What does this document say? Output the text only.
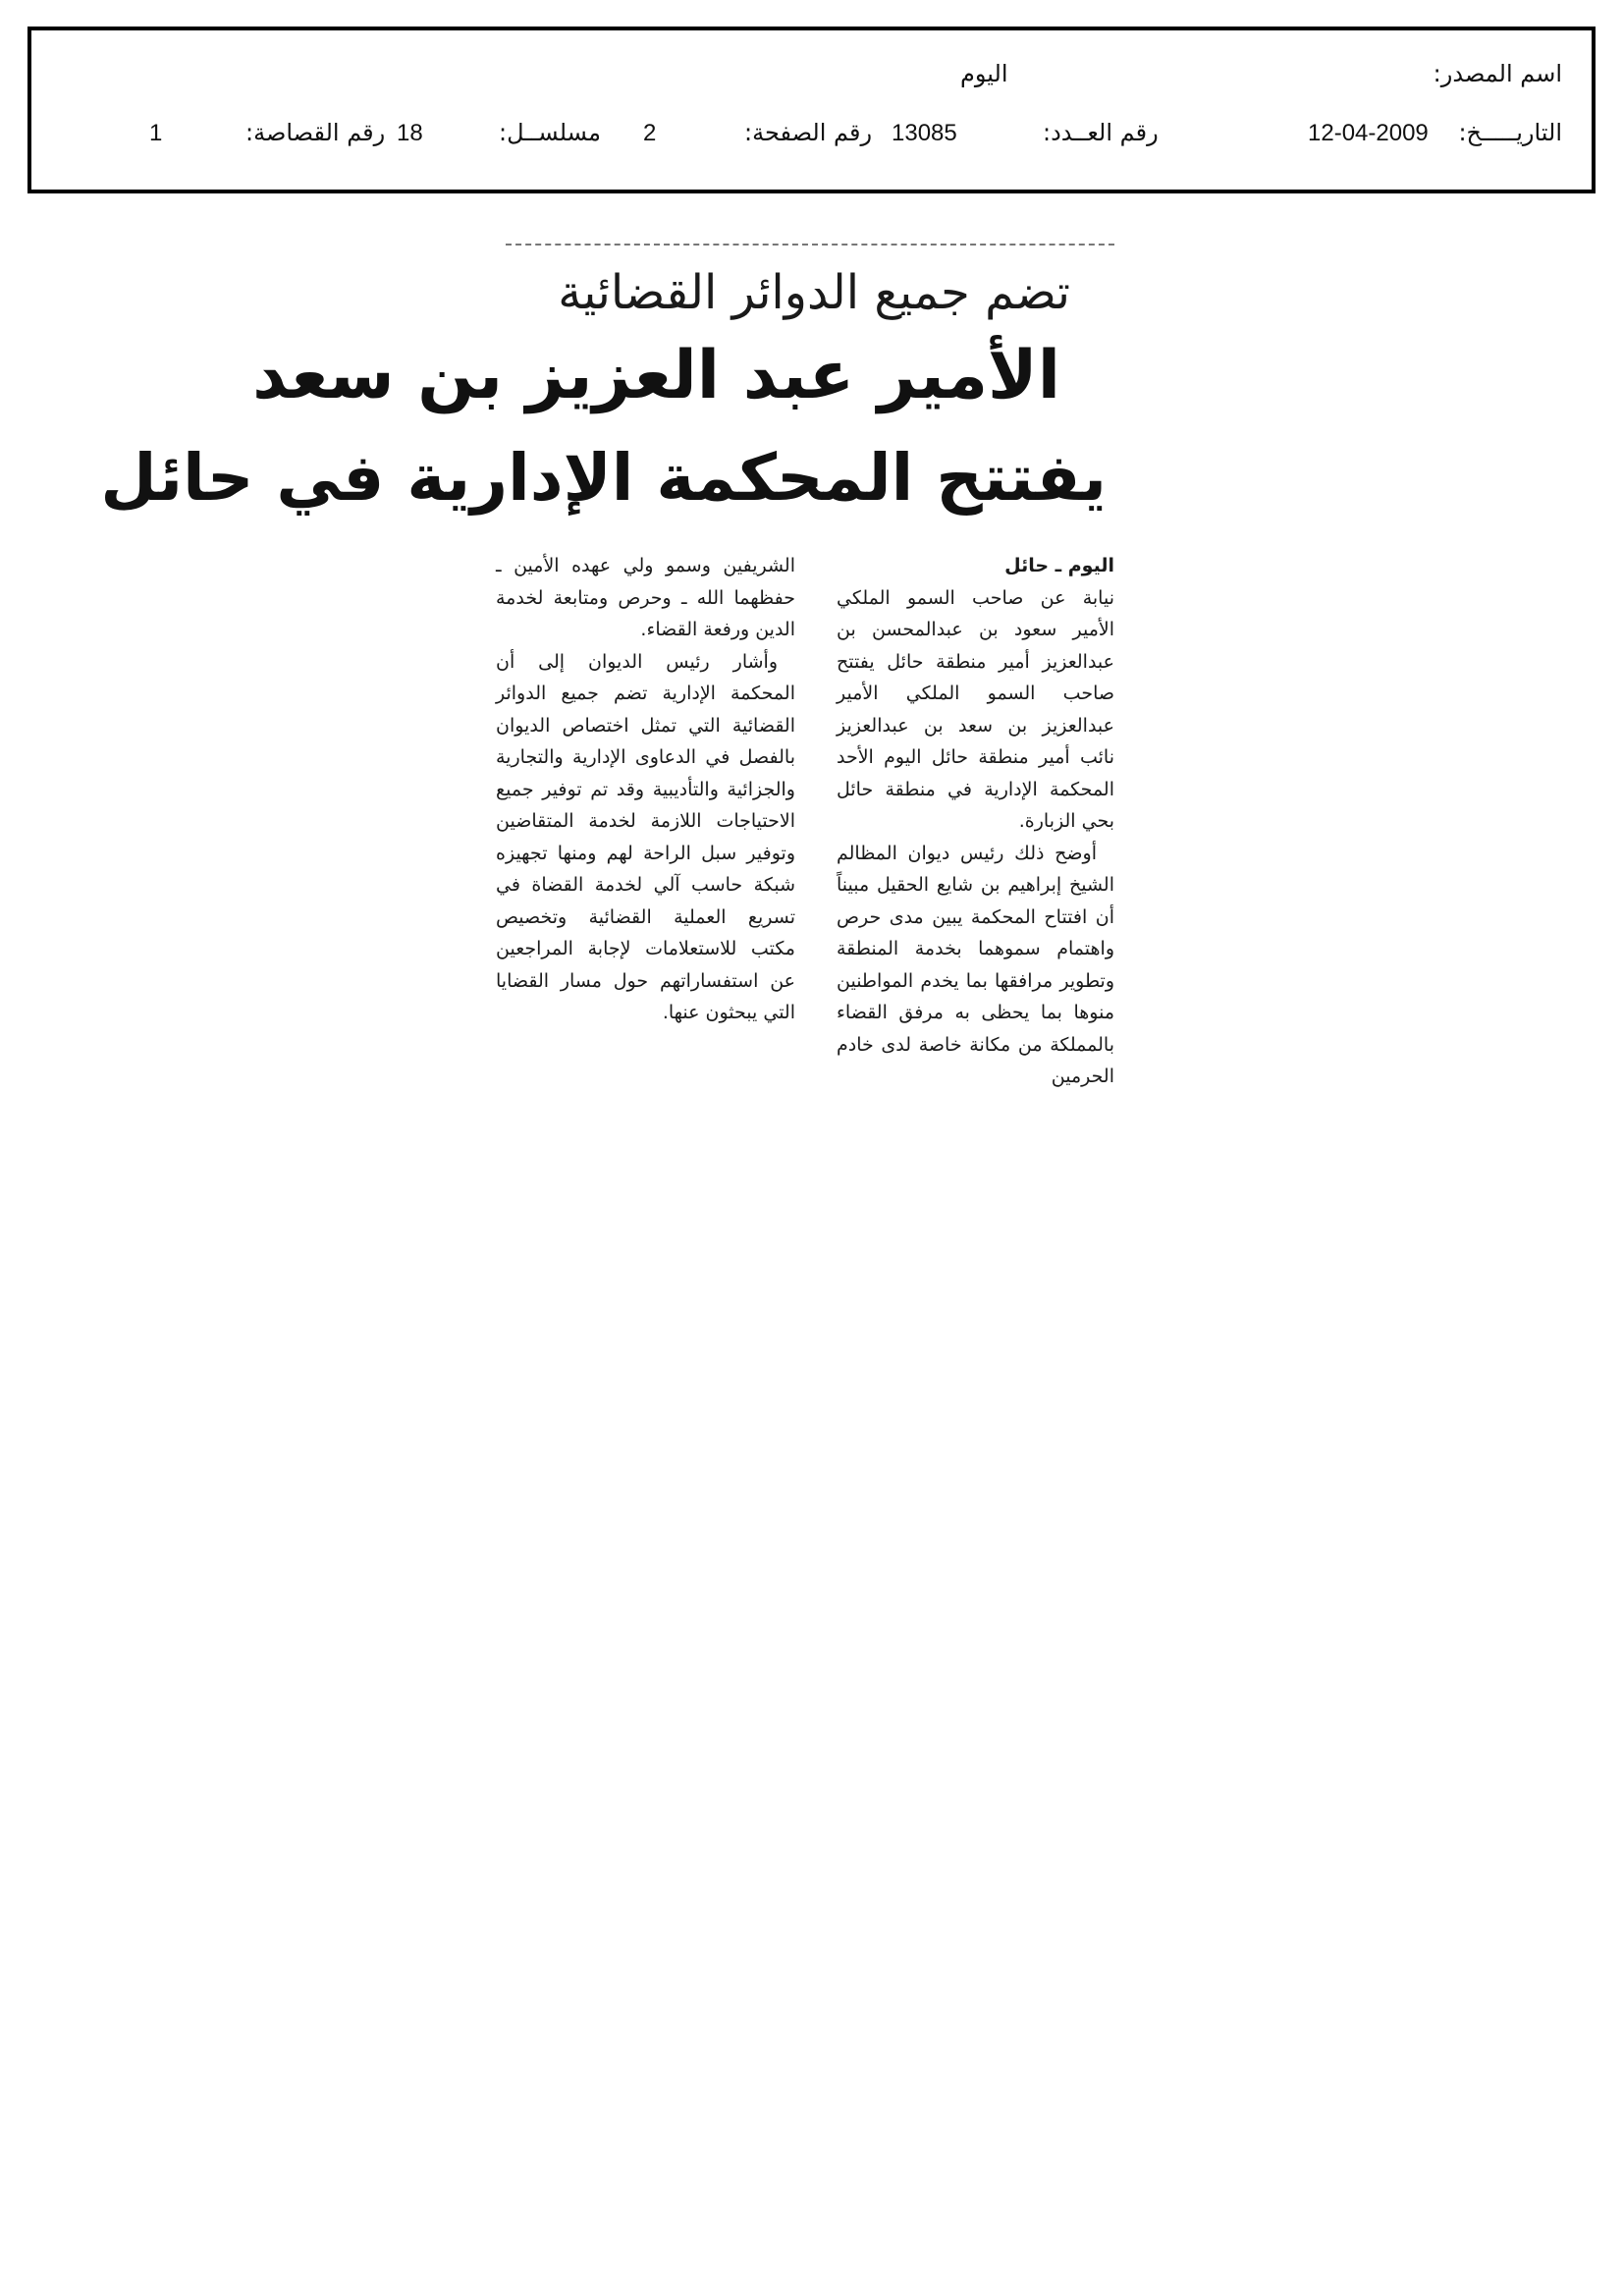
اسم المصدر:
اليوم
التاريـــــخ:
12-04-2009
رقم العــدد:
13085
رقم الصفحة:
2
مسلســل:
18
رقم القصاصة:
1
تضم جميع الدوائر القضائية
الأمير عبد العزيز بن سعد
يفتتح المحكمة الإدارية في حائل

اليوم ـ حائل

نيابة عن صاحب السمو الملكي الأمير سعود بن عبدالمحسن بن عبدالعزيز أمير منطقة حائل يفتتح صاحب السمو الملكي الأمير عبدالعزيز بن سعد بن عبدالعزيز نائب أمير منطقة حائل اليوم الأحد المحكمة الإدارية في منطقة حائل بحي الزبارة.

أوضح ذلك رئيس ديوان المظالم الشيخ إبراهيم بن شايع الحقيل مبيناً أن افتتاح المحكمة يبين مدى حرص واهتمام سموهما بخدمة المنطقة وتطوير مرافقها بما يخدم المواطنين منوها بما يحظى به مرفق القضاء بالمملكة من مكانة خاصة لدى خادم الحرمين

الشريفين وسمو ولي عهده الأمين ـ حفظهما الله ـ وحرص ومتابعة لخدمة الدين ورفعة القضاء.

وأشار رئيس الديوان إلى أن المحكمة الإدارية تضم جميع الدوائر القضائية التي تمثل اختصاص الديوان بالفصل في الدعاوى الإدارية والتجارية والجزائية والتأديبية وقد تم توفير جميع الاحتياجات اللازمة لخدمة المتقاضين وتوفير سبل الراحة لهم ومنها تجهيزه شبكة حاسب آلي لخدمة القضاة في تسريع العملية القضائية وتخصيص مكتب للاستعلامات لإجابة المراجعين عن استفساراتهم حول مسار القضايا التي يبحثون عنها.
